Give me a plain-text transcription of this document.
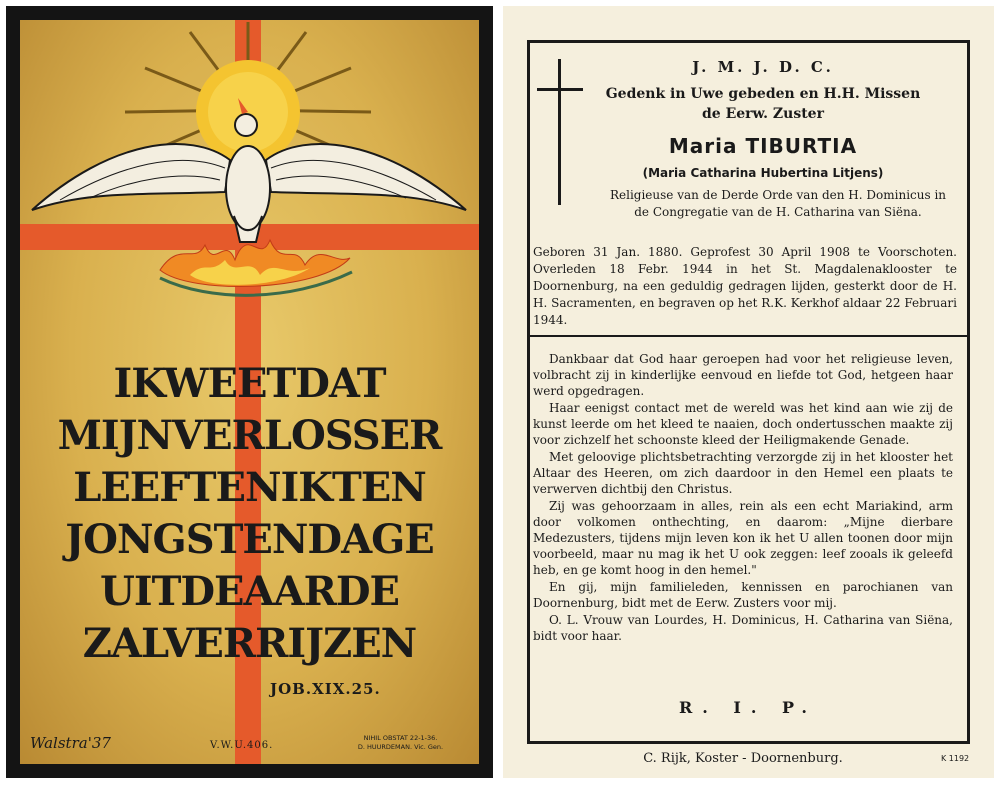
IKWEETDAT
MIJNVERLOSSER
LEEFTENIKTEN
JONGSTENDAGE
UITDEAARDE
ZALVERRIJZEN
JOB.XIX.25.
Walstra'37	V.W.U.406.
NIHIL OBSTAT 22-1-36.
D. HUURDEMAN. Vic. Gen.
J. M. J. D. C.
Gedenk in Uwe gebeden en H.H. Missen
de Eerw. Zuster
Maria TIBURTIA
(Maria Catharina Hubertina Litjens)
Religieuse van de Derde Orde van den H. Dominicus in de Congregatie van de H. Catharina van Siëna.
Geboren 31 Jan. 1880. Geprofest 30 April 1908 te Voorschoten. Overleden 18 Febr. 1944 in het St. Magdalenaklooster te Doornenburg, na een geduldig gedragen lijden, gesterkt door de H. H. Sacramenten, en begraven op het R.K. Kerkhof aldaar 22 Februari 1944.

Dankbaar dat God haar geroepen had voor het religieuse leven, volbracht zij in kinderlijke eenvoud en liefde tot God, hetgeen haar werd opgedragen.

Haar eenigst contact met de wereld was het kind aan wie zij de kunst leerde om het kleed te naaien, doch ondertusschen maakte zij voor zichzelf het schoonste kleed der Heiligmakende Genade.

Met geloovige plichtsbetrachting verzorgde zij in het klooster het Altaar des Heeren, om zich daardoor in den Hemel een plaats te verwerven dichtbij den Christus.

Zij was gehoorzaam in alles, rein als een echt Mariakind, arm door volkomen onthechting, en daarom: „Mijne dierbare Medezusters, tijdens mijn leven kon ik het U allen toonen door mijn voorbeeld, maar nu mag ik het U ook zeggen: leef zooals ik geleefd heb, en ge komt hoog in den hemel."

En gij, mijn familieleden, kennissen en parochianen van Doornenburg, bidt met de Eerw. Zusters voor mij.

O. L. Vrouw van Lourdes, H. Dominicus, H. Catharina van Siëna, bidt voor haar.

R. I. P.
C. Rijk, Koster - Doornenburg.	K 1192
